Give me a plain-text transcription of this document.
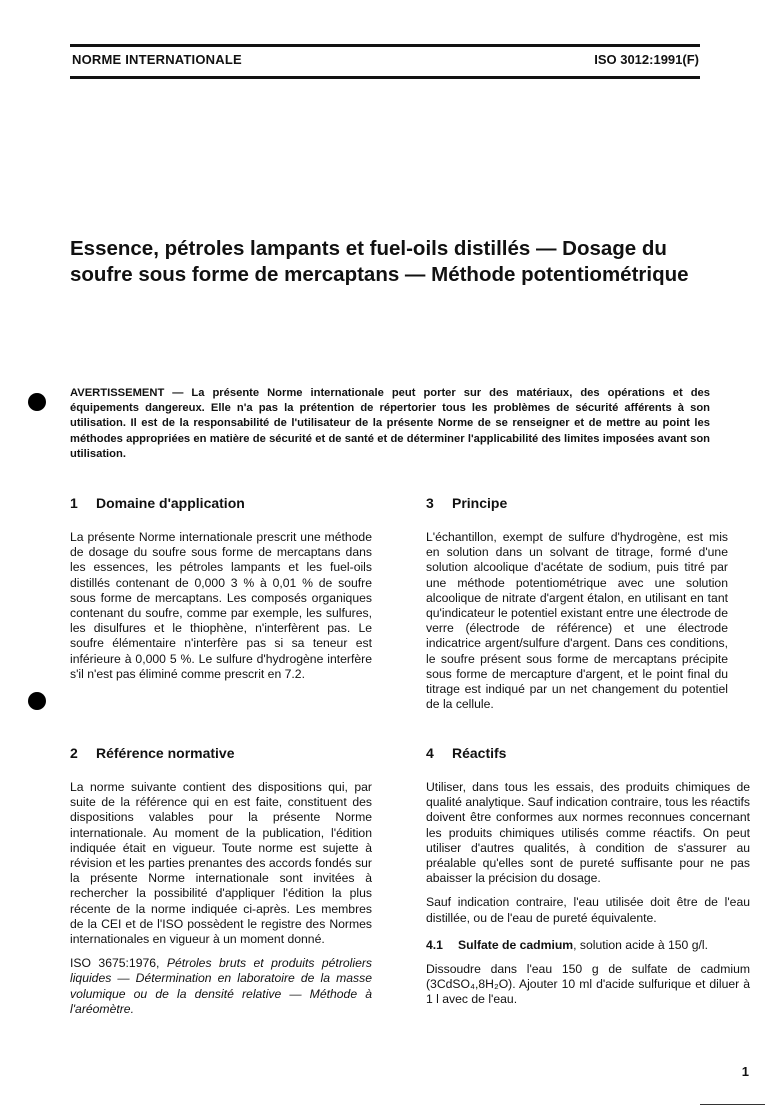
NORME INTERNATIONALE	ISO 3012:1991(F)
Essence, pétroles lampants et fuel-oils distillés — Dosage du soufre sous forme de mercaptans — Méthode potentiométrique

AVERTISSEMENT — La présente Norme internationale peut porter sur des matériaux, des opérations et des équipements dangereux. Elle n'a pas la prétention de répertorier tous les problèmes de sécurité afférents à son utilisation. Il est de la responsabilité de l'utilisateur de la présente Norme de se renseigner et de mettre au point les méthodes appropriées en matière de sécurité et de santé et de déterminer l'applicabilité des limites imposées avant son utilisation.

1 Domaine d'application

La présente Norme internationale prescrit une méthode de dosage du soufre sous forme de mercaptans dans les essences, les pétroles lampants et les fuel-oils distillés contenant de 0,000 3 % à 0,01 % de soufre sous forme de mercaptans. Les composés organiques contenant du soufre, comme par exemple, les sulfures, les disulfures et le thiophène, n'interfèrent pas. Le soufre élémentaire n'interfère pas si sa teneur est inférieure à 0,000 5 %. Le sulfure d'hydrogène interfère s'il n'est pas éliminé comme prescrit en 7.2.

3 Principe

L'échantillon, exempt de sulfure d'hydrogène, est mis en solution dans un solvant de titrage, formé d'une solution alcoolique d'acétate de sodium, puis titré par une méthode potentiométrique avec une solution alcoolique de nitrate d'argent étalon, en utilisant en tant qu'indicateur le potentiel existant entre une électrode de verre (électrode de référence) et une électrode indicatrice argent/sulfure d'argent. Dans ces conditions, le soufre présent sous forme de mercaptans précipite sous forme de mercapture d'argent, et le point final du titrage est indiqué par un net changement du potentiel de la cellule.

2 Référence normative

La norme suivante contient des dispositions qui, par suite de la référence qui en est faite, constituent des dispositions valables pour la présente Norme internationale. Au moment de la publication, l'édition indiquée était en vigueur. Toute norme est sujette à révision et les parties prenantes des accords fondés sur la présente Norme internationale sont invitées à rechercher la possibilité d'appliquer l'édition la plus récente de la norme indiquée ci-après. Les membres de la CEI et de l'ISO possèdent le registre des Normes internationales en vigueur à un moment donné.

ISO 3675:1976, Pétroles bruts et produits pétroliers liquides — Détermination en laboratoire de la masse volumique ou de la densité relative — Méthode à l'aréomètre.

4 Réactifs

Utiliser, dans tous les essais, des produits chimiques de qualité analytique. Sauf indication contraire, tous les réactifs doivent être conformes aux normes reconnues concernant les produits chimiques utilisés comme réactifs. On peut utiliser d'autres qualités, à condition de s'assurer au préalable qu'elles sont de pureté suffisante pour ne pas abaisser la précision du dosage.

Sauf indication contraire, l'eau utilisée doit être de l'eau distillée, ou de l'eau de pureté équivalente.

4.1 Sulfate de cadmium, solution acide à 150 g/l.

Dissoudre dans l'eau 150 g de sulfate de cadmium (3CdSO₄,8H₂O). Ajouter 10 ml d'acide sulfurique et diluer à 1 l avec de l'eau.

1
